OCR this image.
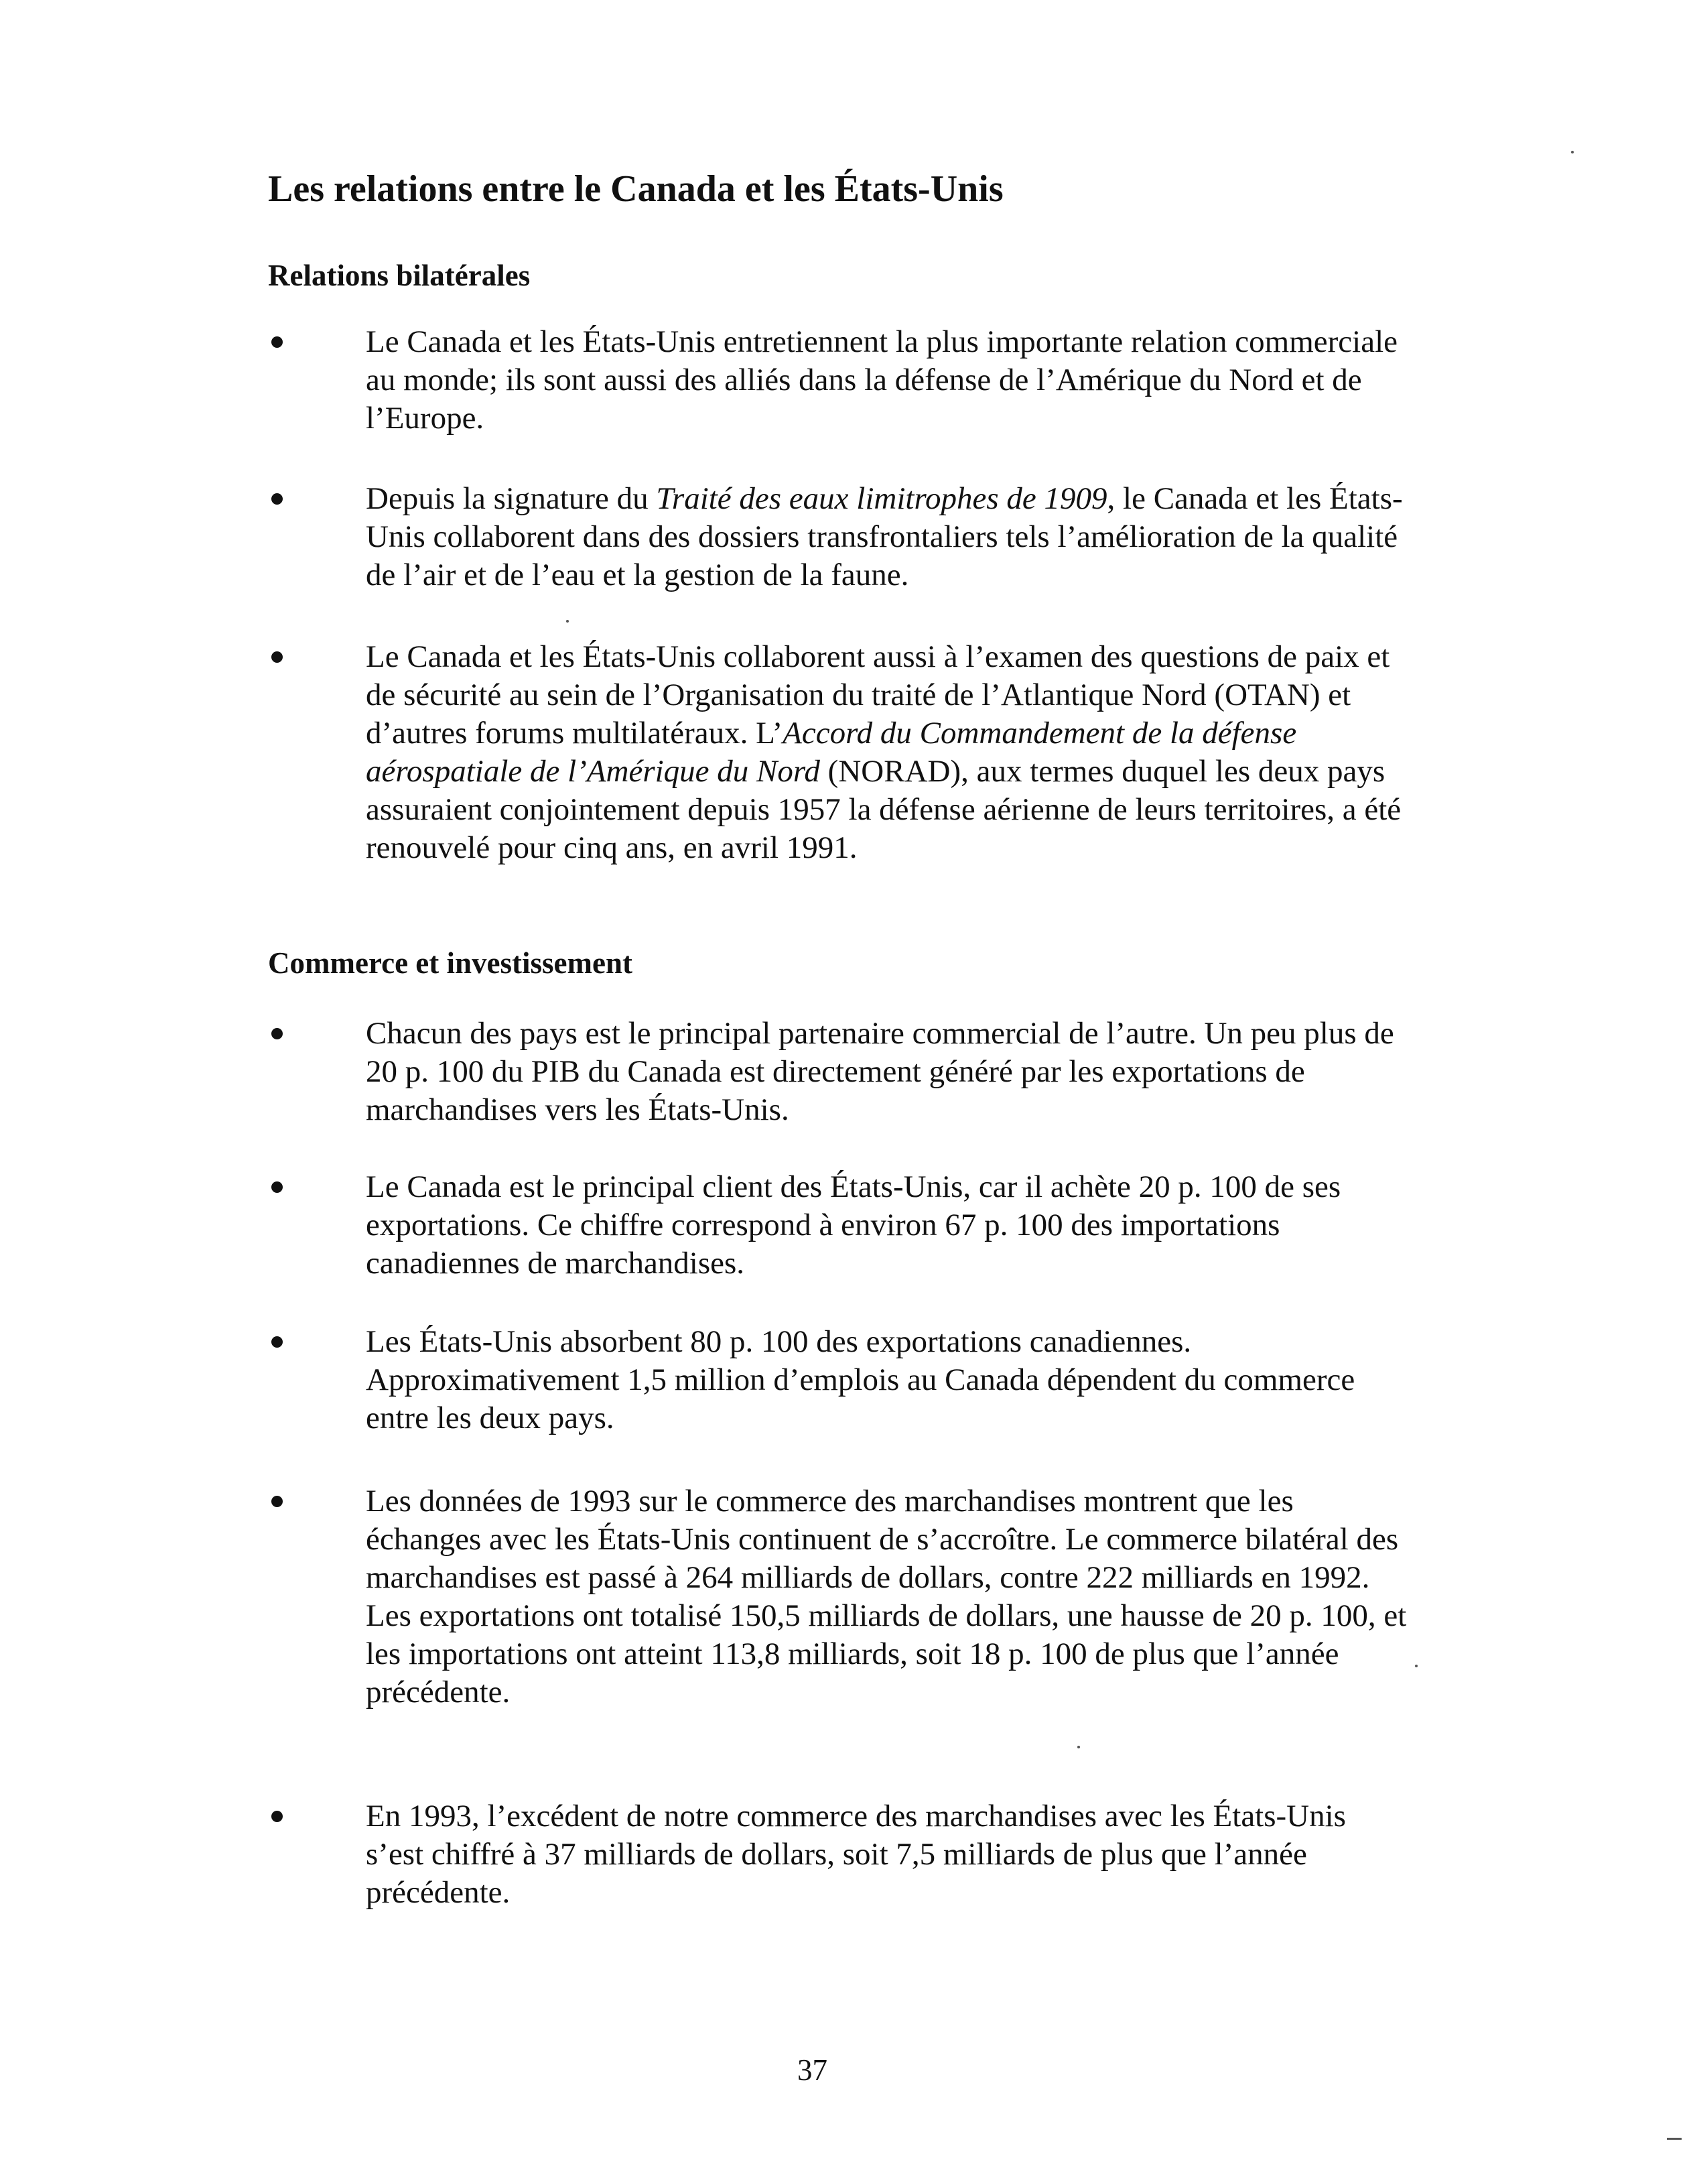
Les relations entre le Canada et les États-Unis
Relations bilatérales

Le Canada et les États-Unis entretiennent la plus importante relation commerciale au monde; ils sont aussi des alliés dans la défense de l’Amérique du Nord et de l’Europe.

Depuis la signature du Traité des eaux limitrophes de 1909, le Canada et les États-Unis collaborent dans des dossiers transfrontaliers tels l’amélioration de la qualité de l’air et de l’eau et la gestion de la faune.

Le Canada et les États-Unis collaborent aussi à l’examen des questions de paix et de sécurité au sein de l’Organisation du traité de l’Atlantique Nord (OTAN) et d’autres forums multilatéraux. L’Accord du Commandement de la défense aérospatiale de l’Amérique du Nord (NORAD), aux termes duquel les deux pays assuraient conjointement depuis 1957 la défense aérienne de leurs territoires, a été renouvelé pour cinq ans, en avril 1991.

Commerce et investissement

Chacun des pays est le principal partenaire commercial de l’autre. Un peu plus de 20 p. 100 du PIB du Canada est directement généré par les exportations de marchandises vers les États-Unis.

Le Canada est le principal client des États-Unis, car il achète 20 p. 100 de ses exportations. Ce chiffre correspond à environ 67 p. 100 des importations canadiennes de marchandises.

Les États-Unis absorbent 80 p. 100 des exportations canadiennes. Approximativement 1,5 million d’emplois au Canada dépendent du commerce entre les deux pays.

Les données de 1993 sur le commerce des marchandises montrent que les échanges avec les États-Unis continuent de s’accroître. Le commerce bilatéral des marchandises est passé à 264 milliards de dollars, contre 222 milliards en 1992. Les exportations ont totalisé 150,5 milliards de dollars, une hausse de 20 p. 100, et les importations ont atteint 113,8 milliards, soit 18 p. 100 de plus que l’année précédente.

En 1993, l’excédent de notre commerce des marchandises avec les États-Unis s’est chiffré à 37 milliards de dollars, soit 7,5 milliards de plus que l’année précédente.

37
